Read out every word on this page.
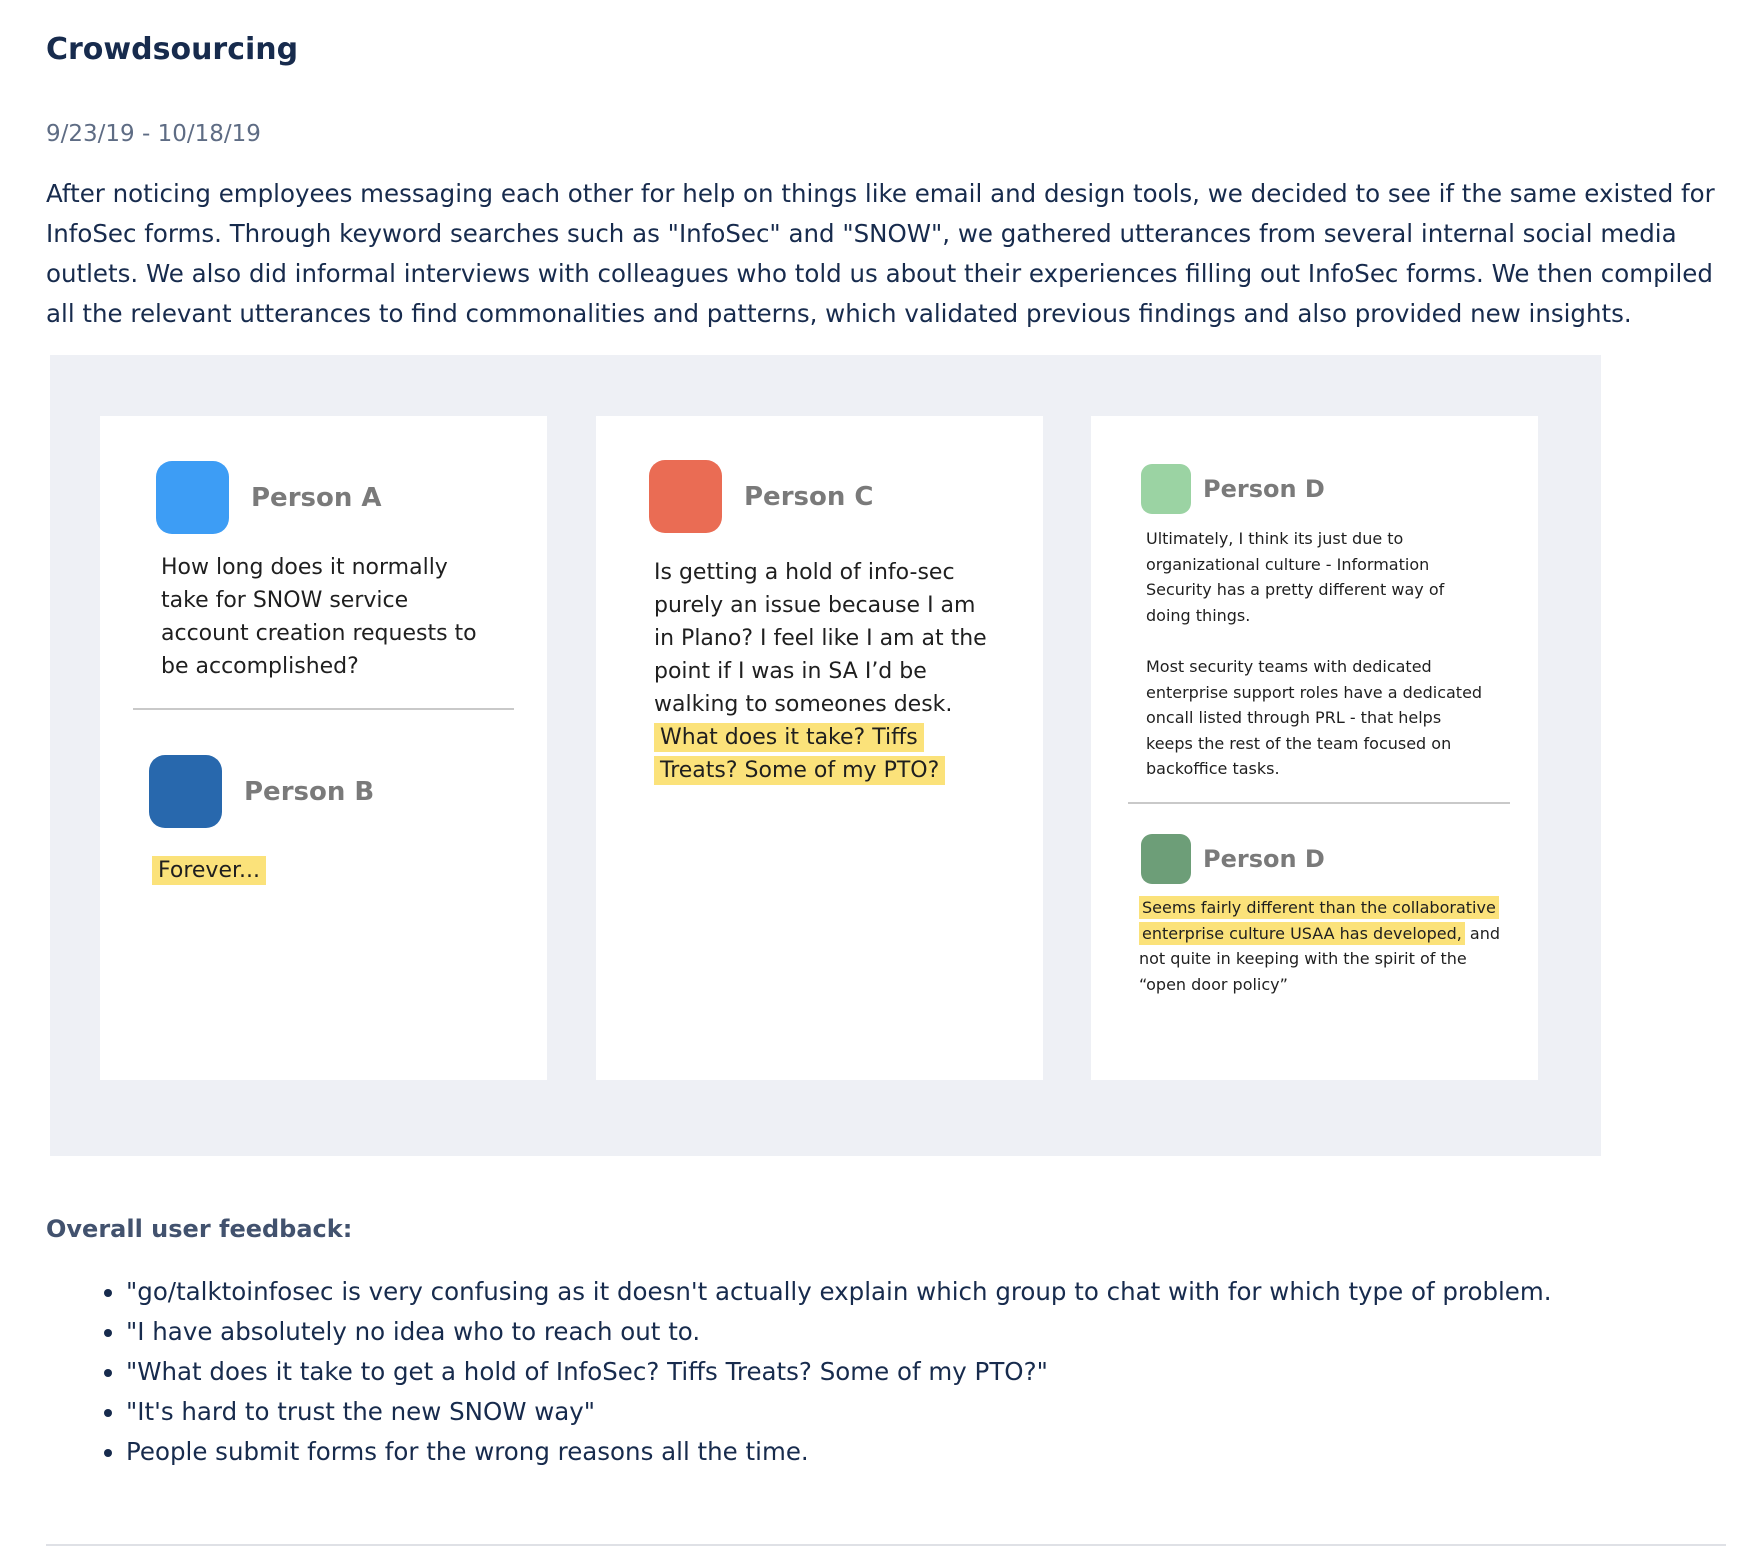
Crowdsourcing
9/23/19 - 10/18/19

After noticing employees messaging each other for help on things like email and design tools, we decided to see if the same existed for InfoSec forms. Through keyword searches such as "InfoSec" and "SNOW", we gathered utterances from several internal social media outlets. We also did informal interviews with colleagues who told us about their experiences filling out InfoSec forms. We then compiled all the relevant utterances to find commonalities and patterns, which validated previous findings and also provided new insights.

Person A

How long does it normally take for SNOW service account creation requests to be accomplished?

Person B

Forever...

Person C

Is getting a hold of info-sec purely an issue because I am in Plano? I feel like I am at the point if I was in SA I’d be walking to someones desk. What does it take? Tiffs Treats? Some of my PTO?

Person D

Ultimately, I think its just due to organizational culture - Information Security has a pretty different way of doing things.

Most security teams with dedicated enterprise support roles have a dedicated oncall listed through PRL - that helps keeps the rest of the team focused on backoffice tasks.

Person D

Seems fairly different than the collaborative enterprise culture USAA has developed, and not quite in keeping with the spirit of the “open door policy”

Overall user feedback:
• "go/talktoinfosec is very confusing as it doesn't actually explain which group to chat with for which type of problem.
• "I have absolutely no idea who to reach out to.
• "What does it take to get a hold of InfoSec? Tiffs Treats? Some of my PTO?"
• "It's hard to trust the new SNOW way"
• People submit forms for the wrong reasons all the time.
